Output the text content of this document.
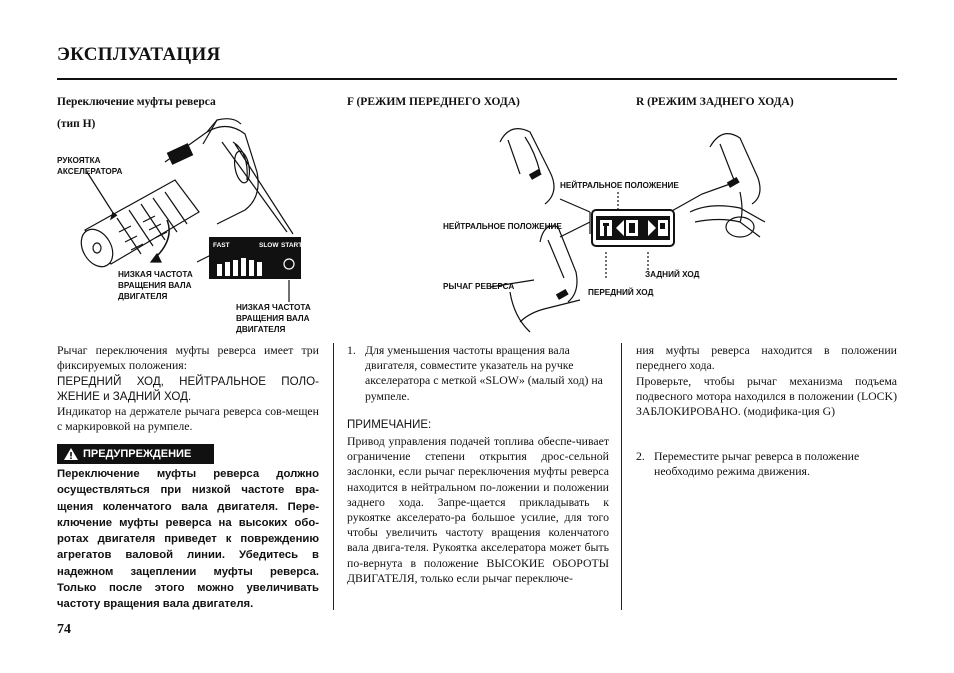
ЭКСПЛУАТАЦИЯ
Переключение муфты реверса
(тип H)
FAST	SLOW START
РУКОЯТКА
АКСЕЛЕРАТОРА
НИЗКАЯ ЧАСТОТА
ВРАЩЕНИЯ ВАЛА
ДВИГАТЕЛЯ
НИЗКАЯ ЧАСТОТА
ВРАЩЕНИЯ ВАЛА
ДВИГАТЕЛЯ
F (РЕЖИМ ПЕРЕДНЕГО ХОДА)	R (РЕЖИМ ЗАДНЕГО ХОДА)
F N R
НЕЙТРАЛЬНОЕ ПОЛОЖЕНИЕ
НЕЙТРАЛЬНОЕ ПОЛОЖЕНИЕ
РЫЧАГ РЕВЕРСА
ЗАДНИЙ ХОД
ПЕРЕДНИЙ ХОД
Рычаг переключения муфты реверса имеет три фиксируемых положения:
ПЕРЕДНИЙ ХОД, НЕЙТРАЛЬНОЕ ПОЛО-ЖЕНИЕ и ЗАДНИЙ ХОД.
Индикатор на держателе рычага реверса сов-мещен с маркировкой на румпеле.
ПРЕДУПРЕЖДЕНИЕ
Переключение муфты реверса должно осуществляться при низкой частоте вра-щения коленчатого вала двигателя. Пере-ключение муфты реверса на высоких обо-ротах двигателя приведет к повреждению агрегатов валовой линии. Убедитесь в надежном зацеплении муфты реверса. Только после этого можно увеличивать частоту вращения вала двигателя.
1. Для уменьшения частоты вращения вала двигателя, совместите указатель на ручке акселератора с меткой «SLOW» (малый ход) на румпеле.
ПРИМЕЧАНИЕ:
Привод управления подачей топлива обеспе-чивает ограничение степени открытия дрос-сельной заслонки, если рычаг переключения муфты реверса находится в нейтральном по-ложении и положении заднего хода. Запре-щается прикладывать к рукоятке акселерато-ра большое усилие, для того чтобы увеличить частоту вращения коленчатого вала двига-теля. Рукоятка акселератора может быть по-вернута в положение ВЫСОКИЕ ОБОРОТЫ ДВИГАТЕЛЯ, только если рычаг переключе-
ния муфты реверса находится в положении переднего хода.
Проверьте, чтобы рычаг механизма подъема подвесного мотора находился в положении (LOCK) ЗАБЛОКИРОВАНО. (модифика-ция G)
2. Переместите рычаг реверса в положение необходимо режима движения.
74
